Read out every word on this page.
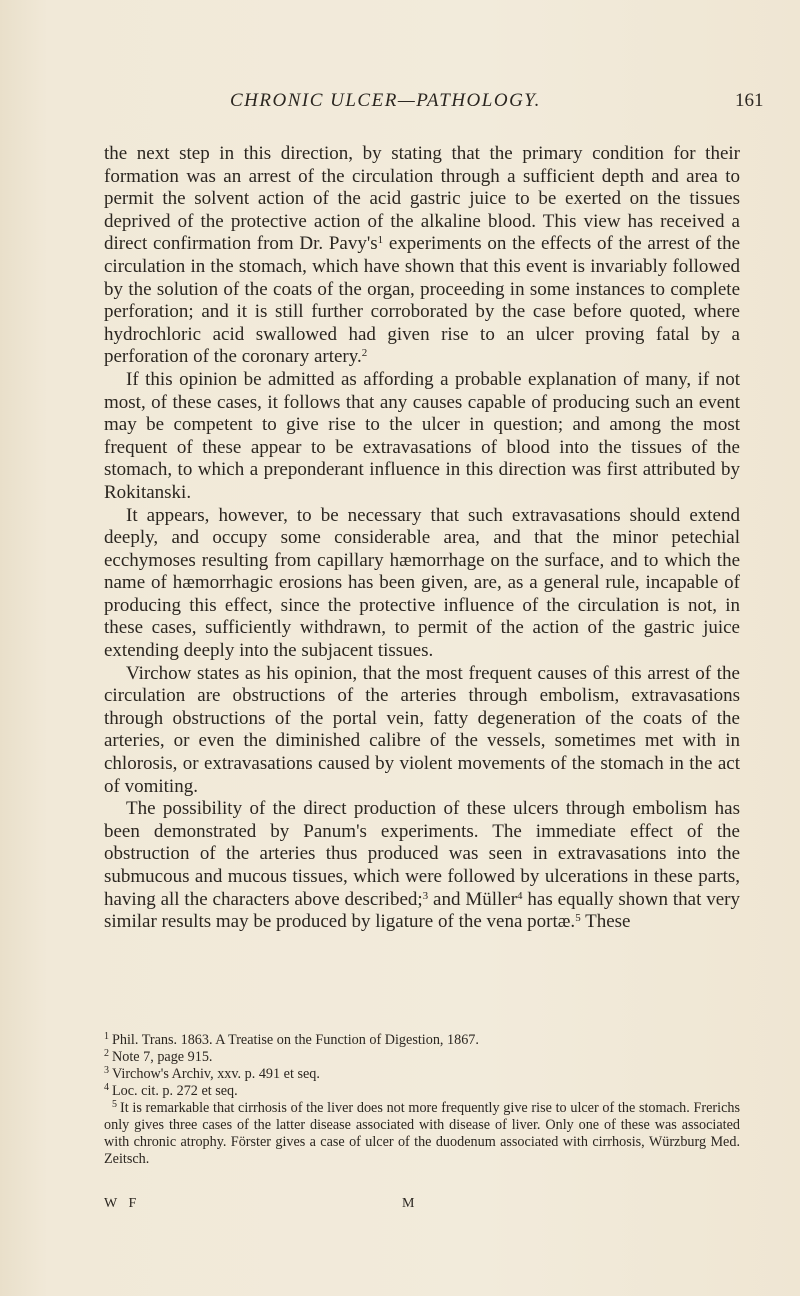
CHRONIC ULCER—PATHOLOGY.	161

the next step in this direction, by stating that the primary condition for their formation was an arrest of the circulation through a sufficient depth and area to permit the solvent action of the acid gastric juice to be exerted on the tissues deprived of the protective action of the alkaline blood. This view has received a direct confirmation from Dr. $Pavy's^1$ experiments on the effects of the arrest of the circulation in the stomach, which have shown that this event is invariably followed by the solution of the coats of the organ, proceeding in some instances to complete perforation; and it is still further corroborated by the case before quoted, where hydrochloric acid swallowed had given rise to an ulcer proving fatal by a perforation of the coronary artery.$^2$

If this opinion be admitted as affording a probable explanation of many, if not most, of these cases, it follows that any causes capable of producing such an event may be competent to give rise to the ulcer in question; and among the most frequent of these appear to be extravasations of blood into the tissues of the stomach, to which a preponderant influence in this direction was first attributed by Rokitanski.

It appears, however, to be necessary that such extravasations should extend deeply, and occupy some considerable area, and that the minor petechial ecchymoses resulting from capillary hæmorrhage on the surface, and to which the name of hæmorrhagic erosions has been given, are, as a general rule, incapable of producing this effect, since the protective influence of the circulation is not, in these cases, sufficiently withdrawn, to permit of the action of the gastric juice extending deeply into the subjacent tissues.

Virchow states as his opinion, that the most frequent causes of this arrest of the circulation are obstructions of the arteries through embolism, extravasations through obstructions of the portal vein, fatty degeneration of the coats of the arteries, or even the diminished calibre of the vessels, sometimes met with in chlorosis, or extravasations caused by violent movements of the stomach in the act of vomiting.

The possibility of the direct production of these ulcers through embolism has been demonstrated by Panum's experiments. The immediate effect of the obstruction of the arteries thus produced was seen in extravasations into the submucous and mucous tissues, which were followed by ulcerations in these parts, having all the characters above described;$^3$ and Müller$^4$ has equally shown that very similar results may be produced by ligature of the vena portæ.$^5$ These

$^1$ Phil. Trans. 1863. A Treatise on the Function of Digestion, 1867.

$^2$ Note 7, page 915.

$^3$ Virchow's Archiv, xxv. p. 491 et seq.

$^4$ Loc. cit. p. 272 et seq.

$^5$ It is remarkable that cirrhosis of the liver does not more frequently give rise to ulcer of the stomach. Frerichs only gives three cases of the latter disease associated with disease of liver. Only one of these was associated with chronic atrophy. Förster gives a case of ulcer of the duodenum associated with cirrhosis, Würzburg Med. Zeitsch.

W F	M
